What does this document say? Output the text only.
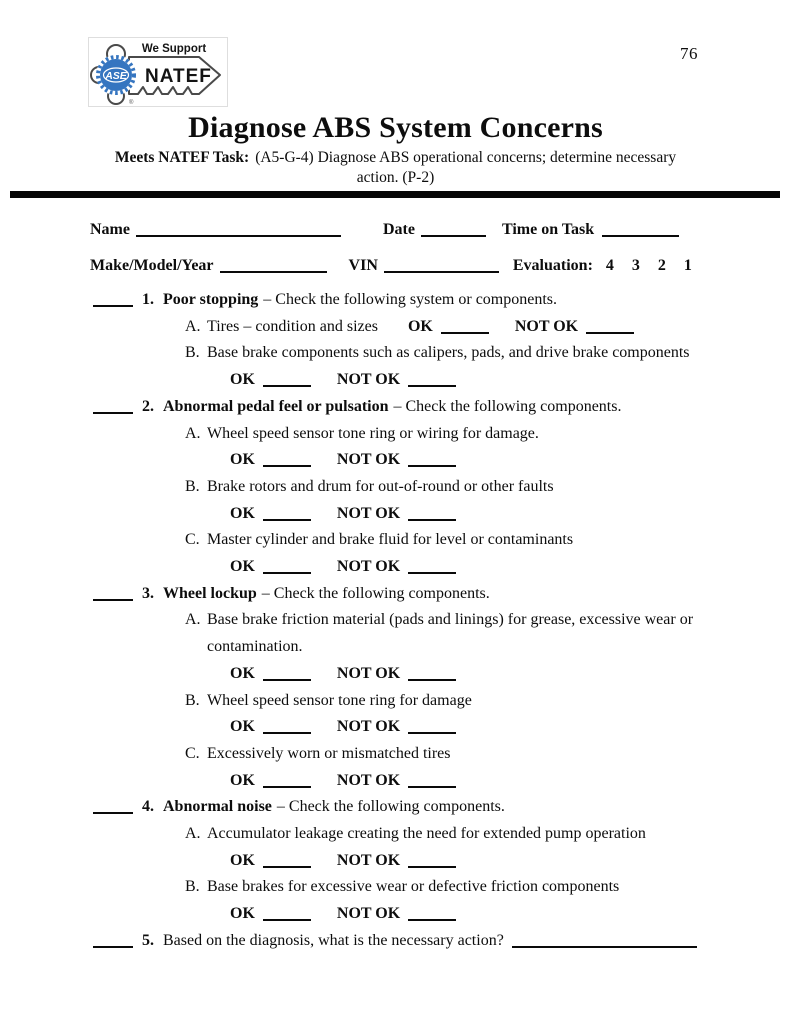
ASE
We Support
NATEF
®
76
Diagnose ABS System Concerns
Meets NATEF Task: (A5-G-4) Diagnose ABS operational concerns; determine necessary
action. (P-2)
Name	Date	Time on Task
Make/Model/Year	VIN	Evaluation: 4 3 2 1
1. Poor stopping – Check the following system or components.
A. Tires – condition and sizes OK	NOT OK
B. Base brake components such as calipers, pads, and drive brake components
OK	NOT OK
2. Abnormal pedal feel or pulsation – Check the following components.
A. Wheel speed sensor tone ring or wiring for damage.
OK	NOT OK
B. Brake rotors and drum for out-of-round or other faults
OK	NOT OK
C. Master cylinder and brake fluid for level or contaminants
OK	NOT OK
3. Wheel lockup – Check the following components.
A. Base brake friction material (pads and linings) for grease, excessive wear or contamination.
OK	NOT OK
B. Wheel speed sensor tone ring for damage
OK	NOT OK
C. Excessively worn or mismatched tires
OK	NOT OK
4. Abnormal noise – Check the following components.
A. Accumulator leakage creating the need for extended pump operation
OK	NOT OK
B. Base brakes for excessive wear or defective friction components
OK	NOT OK
5. Based on the diagnosis, what is the necessary action?
